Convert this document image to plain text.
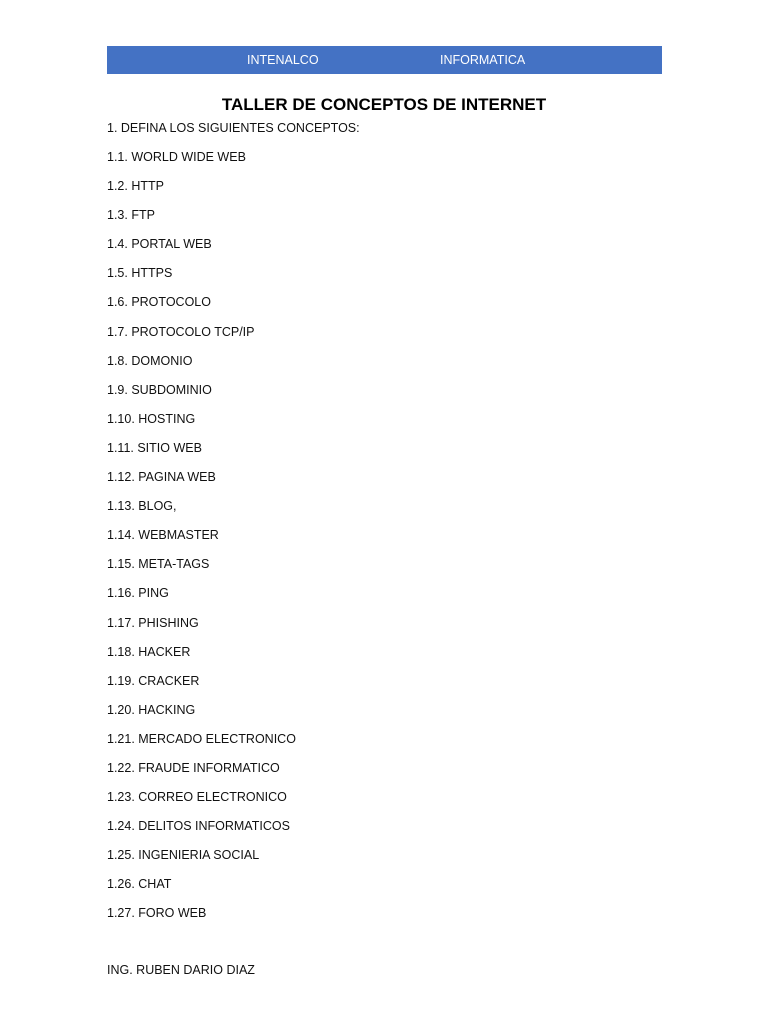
INTENALCO	INFORMATICA
TALLER DE CONCEPTOS DE INTERNET
1. DEFINA LOS SIGUIENTES CONCEPTOS:
1.1. WORLD WIDE WEB
1.2. HTTP
1.3. FTP
1.4. PORTAL WEB
1.5. HTTPS
1.6. PROTOCOLO
1.7. PROTOCOLO TCP/IP
1.8. DOMONIO
1.9. SUBDOMINIO
1.10. HOSTING
1.11. SITIO WEB
1.12. PAGINA WEB
1.13. BLOG,
1.14. WEBMASTER
1.15. META-TAGS
1.16. PING
1.17. PHISHING
1.18. HACKER
1.19. CRACKER
1.20. HACKING
1.21. MERCADO ELECTRONICO
1.22. FRAUDE INFORMATICO
1.23. CORREO ELECTRONICO
1.24. DELITOS INFORMATICOS
1.25. INGENIERIA SOCIAL
1.26. CHAT
1.27. FORO WEB
ING. RUBEN DARIO DIAZ
